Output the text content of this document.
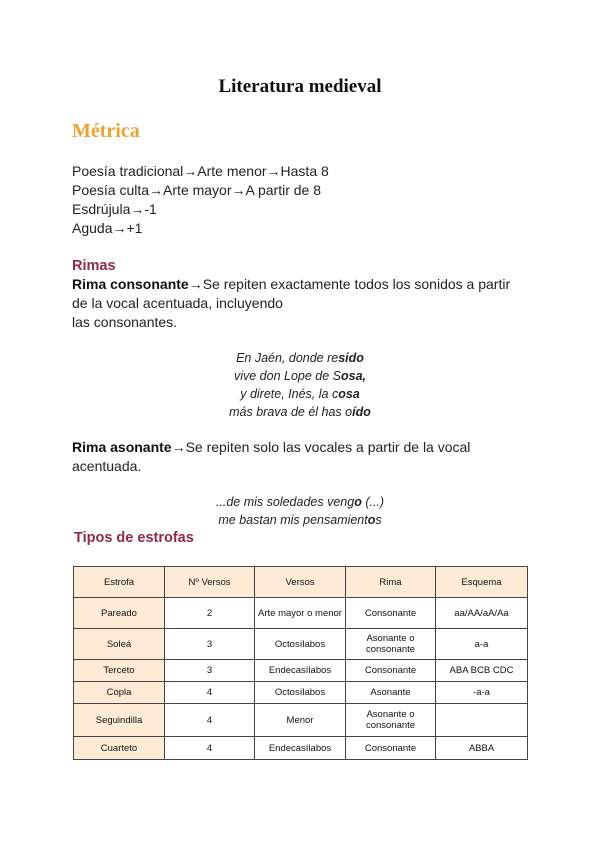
Literatura medieval
Métrica
Poesía tradicional→Arte menor→Hasta 8
Poesía culta→Arte mayor→A partir de 8
Esdrújula→-1
Aguda→+1
Rimas
Rima consonante→Se repiten exactamente todos los sonidos a partir
de la vocal acentuada, incluyendo
las consonantes.
En Jaén, donde resido
vive don Lope de Sosa,
y direte, Inés, la cosa
más brava de él has oído
Rima asonante→Se repiten solo las vocales a partir de la vocal
acentuada.
...de mis soledades vengo (...)
me bastan mis pensamientos
Tipos de estrofas
Estrofa	Nº Versos	Versos	Rima	Esquema
Pareado	2	Arte mayor o menor	Consonante	aa/AA/aA/Aa
Soleá	3	Octosílabos	Asonante o consonante	a-a
Terceto	3	Endecasílabos	Consonante	ABA BCB CDC
Copla	4	Octosílabos	Asonante	-a-a
Seguindilla	4	Menor	Asonante o consonante	
Cuarteto	4	Endecasílabos	Consonante	ABBA
